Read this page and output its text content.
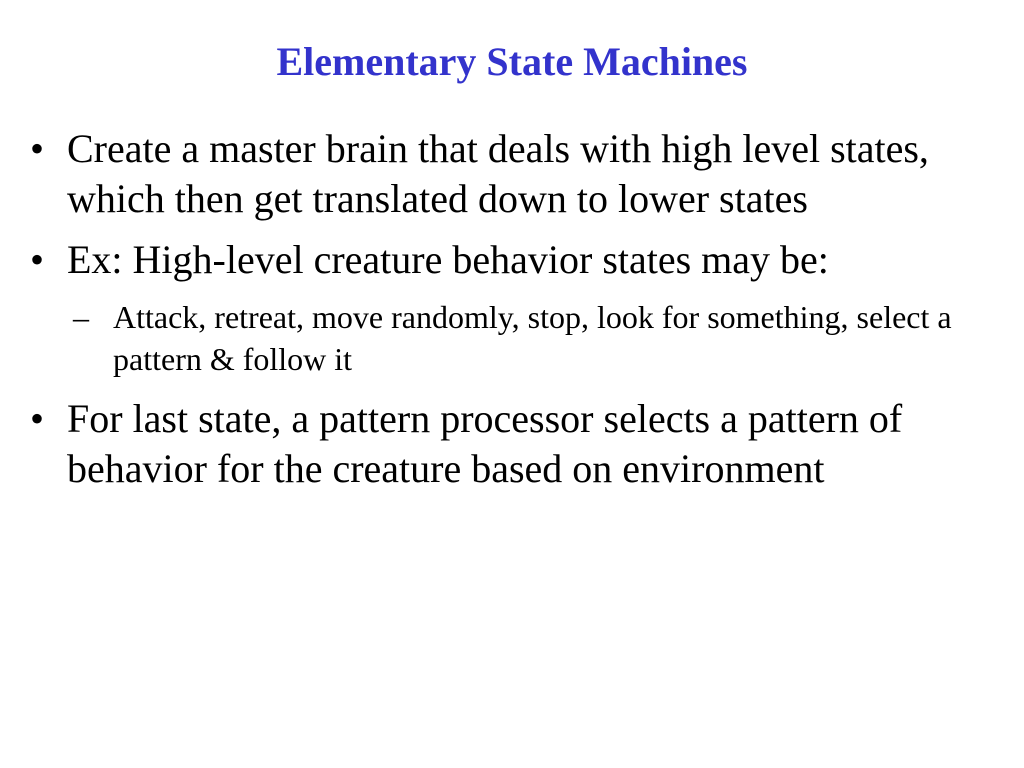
Elementary State Machines
• Create a master brain that deals with high level states, which then get translated down to lower states
• Ex: High-level creature behavior states may be:
– Attack, retreat, move randomly, stop, look for something, select a pattern & follow it
• For last state, a pattern processor selects a pattern of behavior for the creature based on environment
